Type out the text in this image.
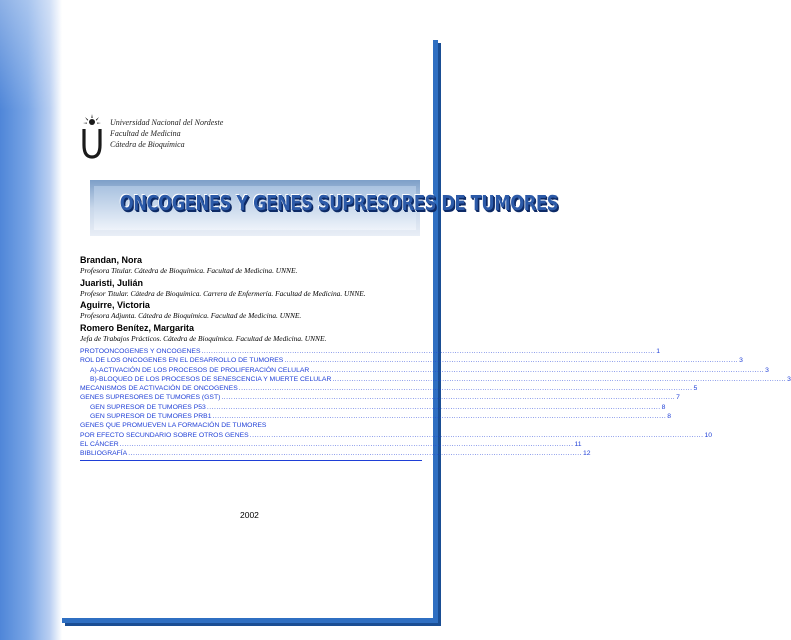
Universidad Nacional del Nordeste
Facultad de Medicina
Cátedra de Bioquímica
ONCOGENES Y GENES SUPRESORES DE TUMORES
Brandan, Nora
Profesora Titular. Cátedra de Bioquímica. Facultad de Medicina. UNNE.
Juaristi, Julián
Profesor Titular. Cátedra de Bioquímica. Carrera de Enfermería. Facultad de Medicina. UNNE.
Aguirre, Victoria
Profesora Adjunta. Cátedra de Bioquímica. Facultad de Medicina. UNNE.
Romero Benítez, Margarita
Jefa de Trabajos Prácticos. Cátedra de Bioquímica. Facultad de Medicina. UNNE.
PROTOONCOGENES Y ONCOGENES .....	1
ROL DE LOS ONCOGENES EN EL DESARROLLO DE TUMORES .....	3
A)-ACTIVACIÓN DE LOS PROCESOS DE PROLIFERACIÓN CELULAR .....	3
B)-BLOQUEO DE LOS PROCESOS DE SENESCENCIA Y MUERTE CELULAR .....	3
MECANISMOS DE ACTIVACIÓN DE ONCOGENES .....	5
GENES SUPRESORES DE TUMORES (GST) .....	7
GEN SUPRESOR DE TUMORES P53 .....	8
GEN SUPRESOR DE TUMORES PRB1 .....	8
GENES QUE PROMUEVEN LA FORMACIÓN DE TUMORES
POR EFECTO SECUNDARIO SOBRE OTROS GENES .....	10
EL CÁNCER .....	11
BIBLIOGRAFÍA .....	12
2002
